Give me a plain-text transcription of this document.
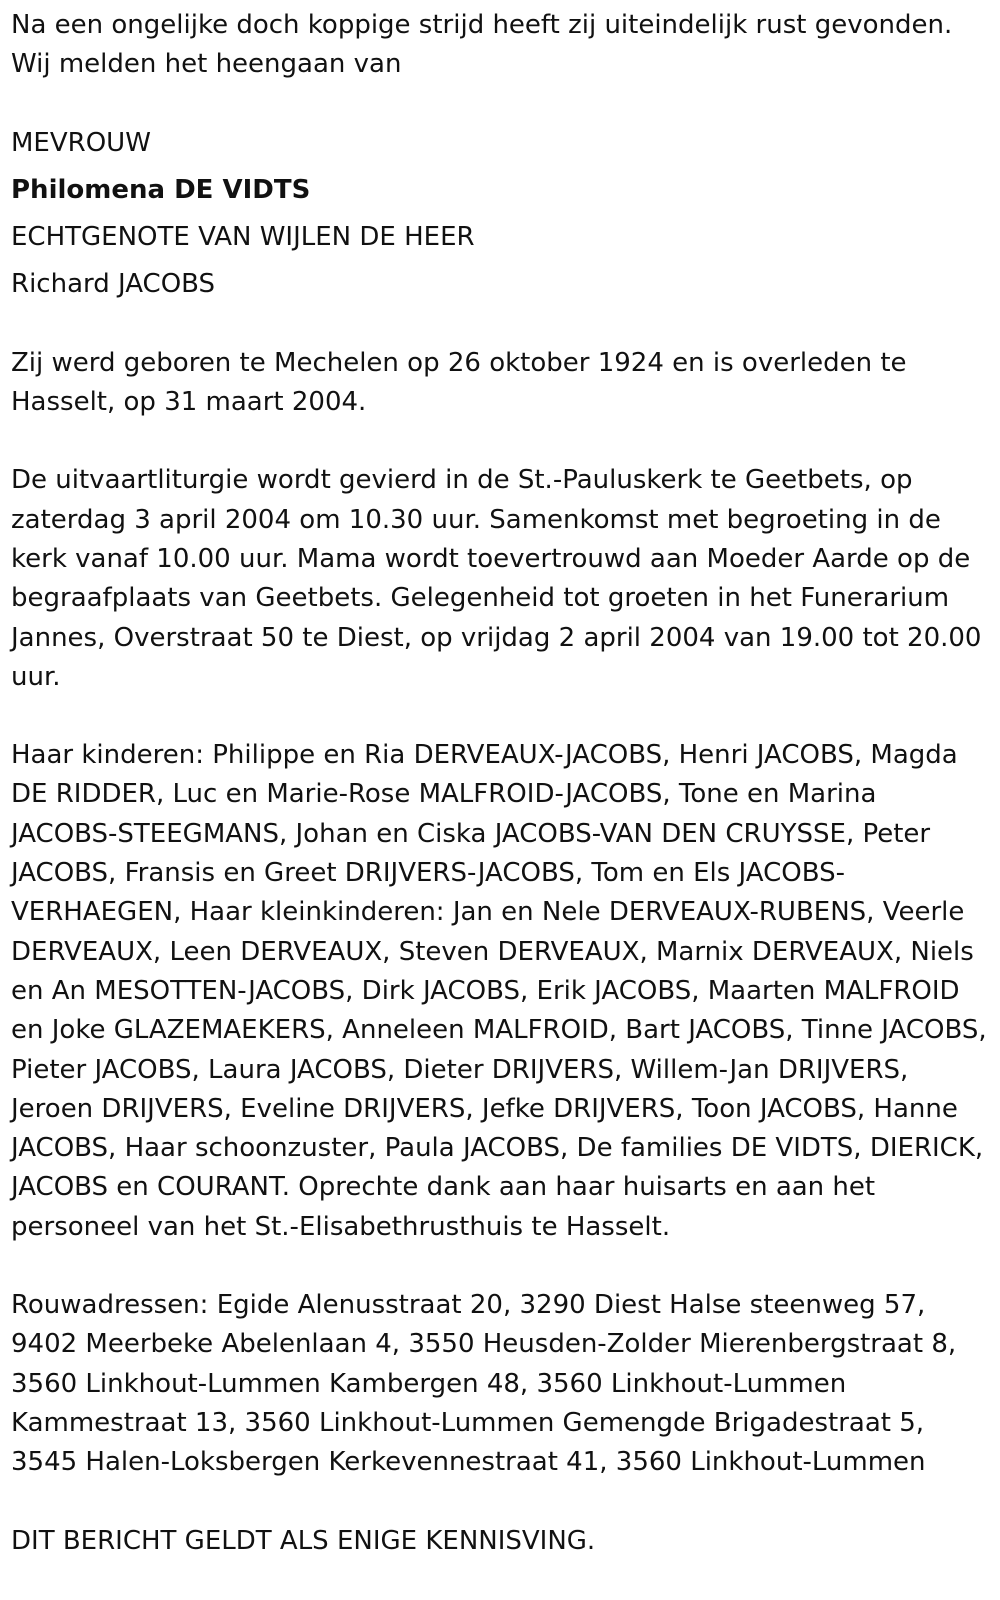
Na een ongelijke doch koppige strijd heeft zij uiteindelijk rust gevonden.
Wij melden het heengaan van

MEVROUW

Philomena DE VIDTS

ECHTGENOTE VAN WIJLEN DE HEER

Richard JACOBS

Zij werd geboren te Mechelen op 26 oktober 1924 en is overleden te Hasselt, op 31 maart 2004.

De uitvaartliturgie wordt gevierd in de St.-Pauluskerk te Geetbets, op zaterdag 3 april 2004 om 10.30 uur. Samenkomst met begroeting in de kerk vanaf 10.00 uur. Mama wordt toevertrouwd aan Moeder Aarde op de begraafplaats van Geetbets. Gelegenheid tot groeten in het Funerarium Jannes, Overstraat 50 te Diest, op vrijdag 2 april 2004 van 19.00 tot 20.00 uur.

Haar kinderen: Philippe en Ria DERVEAUX-JACOBS, Henri JACOBS, Magda DE RIDDER, Luc en Marie-Rose MALFROID-JACOBS, Tone en Marina JACOBS-STEEGMANS, Johan en Ciska JACOBS-VAN DEN CRUYSSE, Peter JACOBS, Fransis en Greet DRIJVERS-JACOBS, Tom en Els JACOBS-VERHAEGEN, Haar kleinkinderen: Jan en Nele DERVEAUX-RUBENS, Veerle DERVEAUX, Leen DERVEAUX, Steven DERVEAUX, Marnix DERVEAUX, Niels en An MESOTTEN-JACOBS, Dirk JACOBS, Erik JACOBS, Maarten MALFROID en Joke GLAZEMAEKERS, Anneleen MALFROID, Bart JACOBS, Tinne JACOBS, Pieter JACOBS, Laura JACOBS, Dieter DRIJVERS, Willem-Jan DRIJVERS, Jeroen DRIJVERS, Eveline DRIJVERS, Jefke DRIJVERS, Toon JACOBS, Hanne JACOBS, Haar schoonzuster, Paula JACOBS, De families DE VIDTS, DIERICK, JACOBS en COURANT. Oprechte dank aan haar huisarts en aan het personeel van het St.-Elisabethrusthuis te Hasselt.

Rouwadressen: Egide Alenusstraat 20, 3290 Diest Halse steenweg 57, 9402 Meerbeke Abelenlaan 4, 3550 Heusden-Zolder Mierenbergstraat 8, 3560 Linkhout-Lummen Kambergen 48, 3560 Linkhout-Lummen Kammestraat 13, 3560 Linkhout-Lummen Gemengde Brigadestraat 5, 3545 Halen-Loksbergen Kerkevennestraat 41, 3560 Linkhout-Lummen

DIT BERICHT GELDT ALS ENIGE KENNISVING.
